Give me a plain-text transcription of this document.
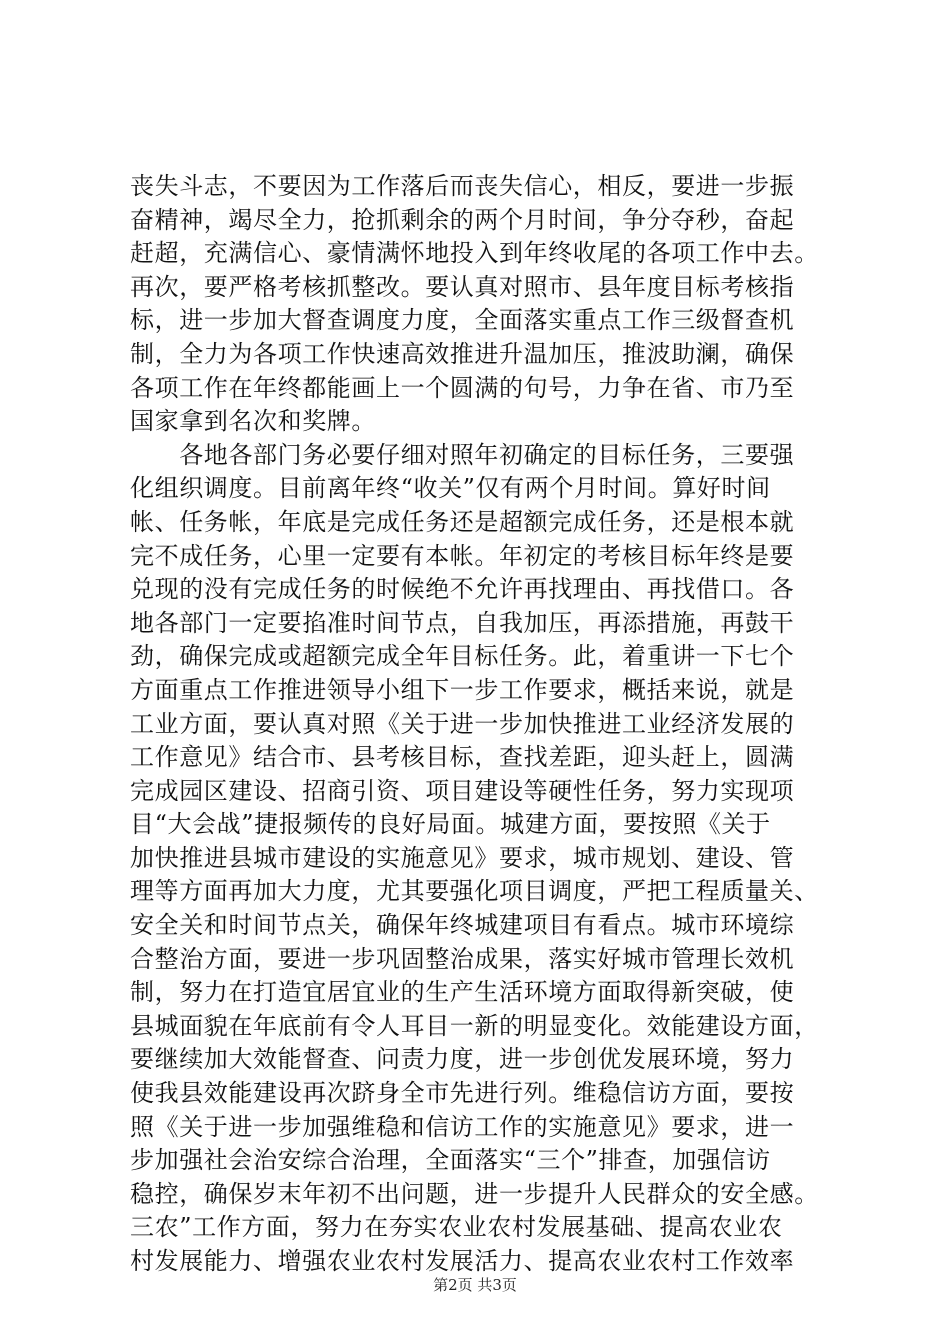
丧失斗志，不要因为工作落后而丧失信心，相反，要进一步振
奋精神，竭尽全力，抢抓剩余的两个月时间，争分夺秒，奋起
赶超，充满信心、豪情满怀地投入到年终收尾的各项工作中去。
再次，要严格考核抓整改。要认真对照市、县年度目标考核指
标，进一步加大督查调度力度，全面落实重点工作三级督查机
制，全力为各项工作快速高效推进升温加压，推波助澜，确保
各项工作在年终都能画上一个圆满的句号，力争在省、市乃至
国家拿到名次和奖牌。
　　各地各部门务必要仔细对照年初确定的目标任务，三要强
化组织调度。目前离年终“收关”仅有两个月时间。算好时间
帐、任务帐，年底是完成任务还是超额完成任务，还是根本就
完不成任务，心里一定要有本帐。年初定的考核目标年终是要
兑现的没有完成任务的时候绝不允许再找理由、再找借口。各
地各部门一定要掐准时间节点，自我加压，再添措施，再鼓干
劲，确保完成或超额完成全年目标任务。此，着重讲一下七个
方面重点工作推进领导小组下一步工作要求，概括来说，就是
工业方面，要认真对照《关于进一步加快推进工业经济发展的
工作意见》结合市、县考核目标，查找差距，迎头赶上，圆满
完成园区建设、招商引资、项目建设等硬性任务，努力实现项
目“大会战”捷报频传的良好局面。城建方面，要按照《关于
加快推进县城市建设的实施意见》要求，城市规划、建设、管
理等方面再加大力度，尤其要强化项目调度，严把工程质量关、
安全关和时间节点关，确保年终城建项目有看点。城市环境综
合整治方面，要进一步巩固整治成果，落实好城市管理长效机
制，努力在打造宜居宜业的生产生活环境方面取得新突破，使
县城面貌在年底前有令人耳目一新的明显变化。效能建设方面，
要继续加大效能督查、问责力度，进一步创优发展环境，努力
使我县效能建设再次跻身全市先进行列。维稳信访方面，要按
照《关于进一步加强维稳和信访工作的实施意见》要求，进一
步加强社会治安综合治理，全面落实“三个”排查，加强信访
稳控，确保岁末年初不出问题，进一步提升人民群众的安全感。
三农”工作方面，努力在夯实农业农村发展基础、提高农业农
村发展能力、增强农业农村发展活力、提高农业农村工作效率
第2页 共3页
